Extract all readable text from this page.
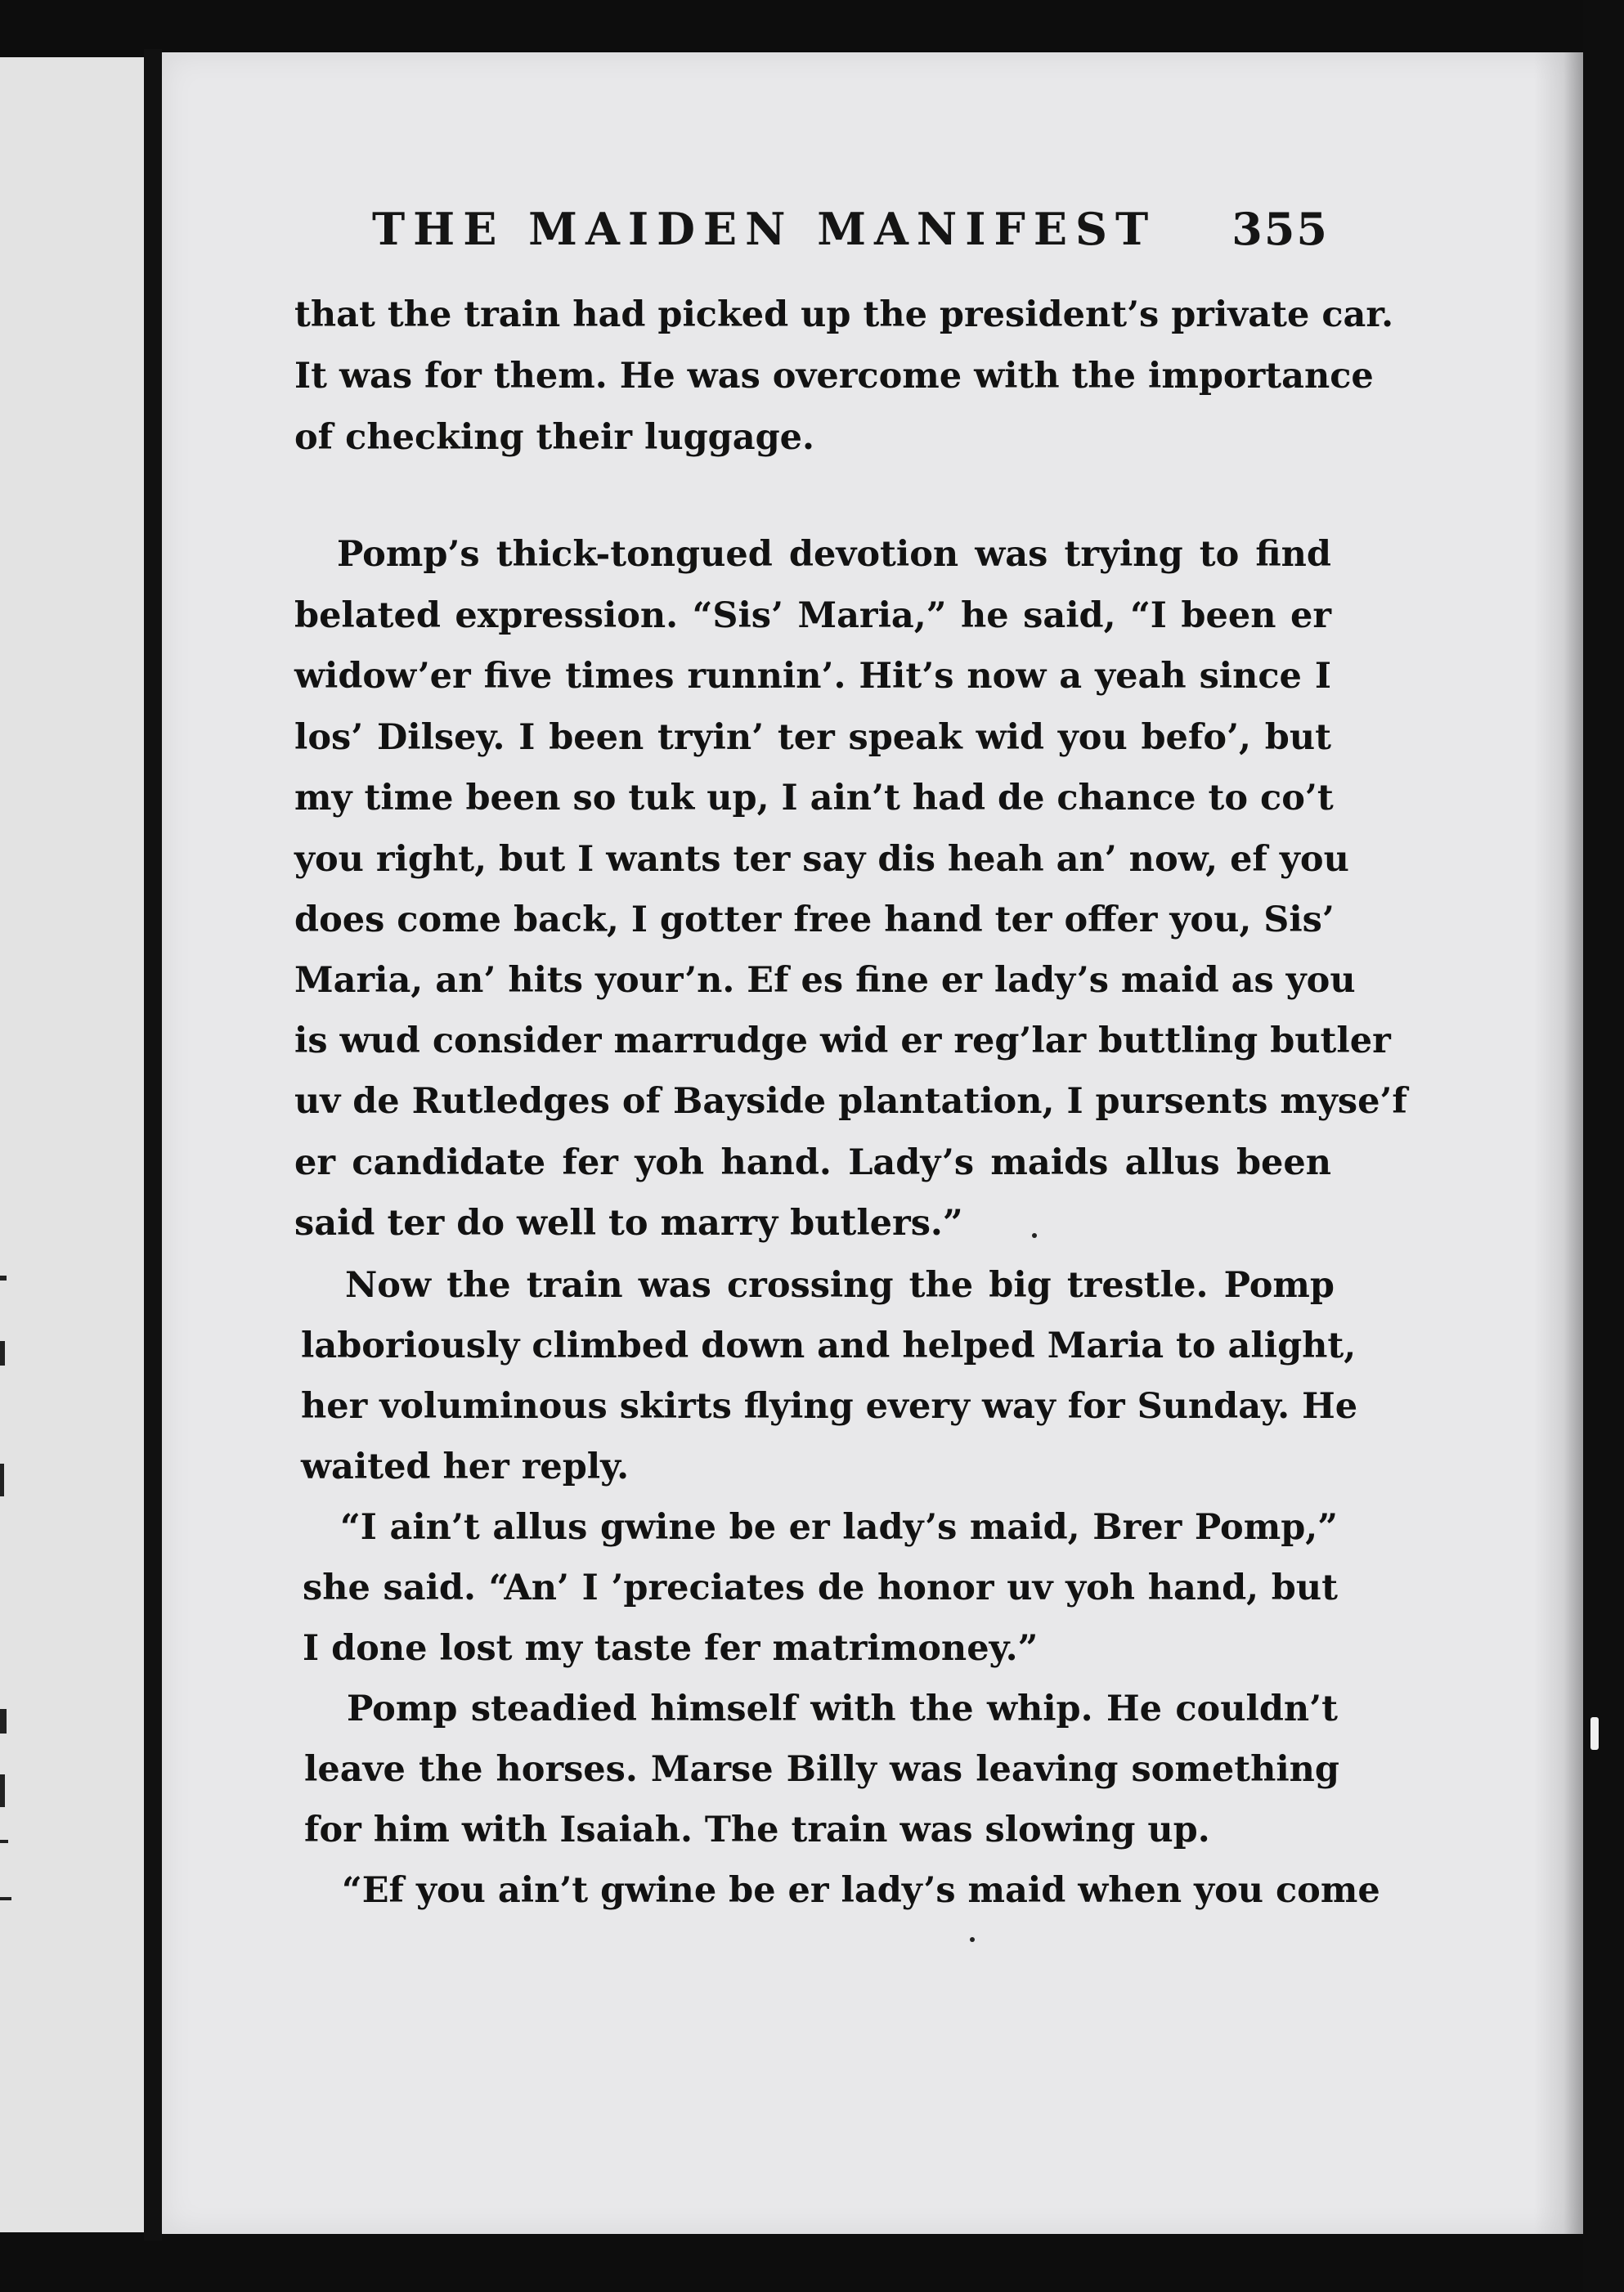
THE MAIDEN MANIFEST 355
that the train had picked up the president’s private car.
It was for them. He was overcome with the importance
of checking their luggage.
Pomp’s thick-tongued devotion was trying to find
belated expression. “Sis’ Maria,” he said, “I been er
widow’er five times runnin’. Hit’s now a yeah since I
los’ Dilsey. I been tryin’ ter speak wid you befo’, but
my time been so tuk up, I ain’t had de chance to co’t
you right, but I wants ter say dis heah an’ now, ef you
does come back, I gotter free hand ter offer you, Sis’
Maria, an’ hits your’n. Ef es fine er lady’s maid as you
is wud consider marrudge wid er reg’lar buttling butler
uv de Rutledges of Bayside plantation, I pursents myse’f
er candidate fer yoh hand. Lady’s maids allus been
said ter do well to marry butlers.”
Now the train was crossing the big trestle. Pomp
laboriously climbed down and helped Maria to alight,
her voluminous skirts flying every way for Sunday. He
waited her reply.
“I ain’t allus gwine be er lady’s maid, Brer Pomp,”
she said. “An’ I ’preciates de honor uv yoh hand, but
I done lost my taste fer matrimoney.”
Pomp steadied himself with the whip. He couldn’t
leave the horses. Marse Billy was leaving something
for him with Isaiah. The train was slowing up.
“Ef you ain’t gwine be er lady’s maid when you come
